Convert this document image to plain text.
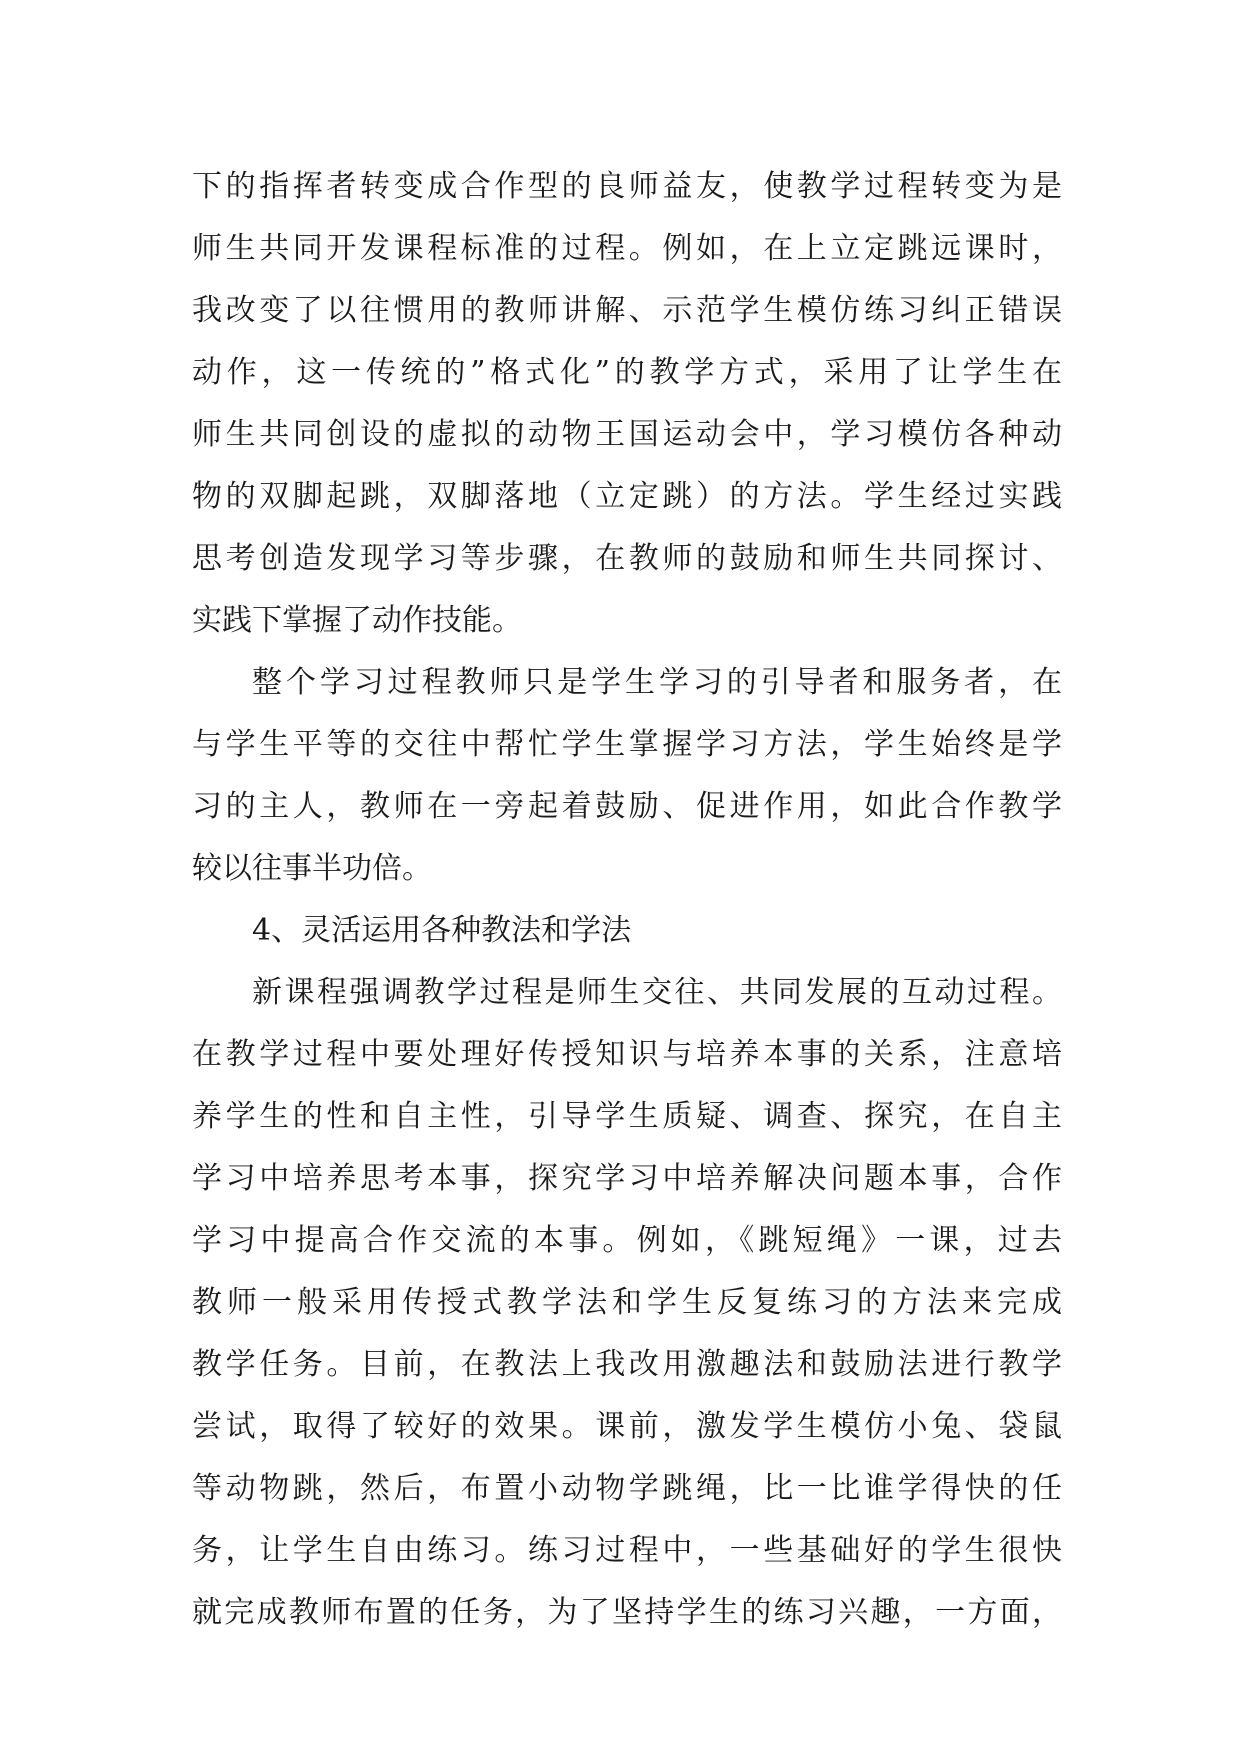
下的指挥者转变成合作型的良师益友，使教学过程转变为是
师生共同开发课程标准的过程。例如，在上立定跳远课时，
我改变了以往惯用的教师讲解、示范学生模仿练习纠正错误
动作，这一传统的”格式化”的教学方式，采用了让学生在
师生共同创设的虚拟的动物王国运动会中，学习模仿各种动
物的双脚起跳，双脚落地（立定跳）的方法。学生经过实践
思考创造发现学习等步骤，在教师的鼓励和师生共同探讨、
实践下掌握了动作技能。
整个学习过程教师只是学生学习的引导者和服务者，在
与学生平等的交往中帮忙学生掌握学习方法，学生始终是学
习的主人，教师在一旁起着鼓励、促进作用，如此合作教学
较以往事半功倍。
4、灵活运用各种教法和学法
新课程强调教学过程是师生交往、共同发展的互动过程。
在教学过程中要处理好传授知识与培养本事的关系，注意培
养学生的性和自主性，引导学生质疑、调查、探究，在自主
学习中培养思考本事，探究学习中培养解决问题本事，合作
学习中提高合作交流的本事。例如，《跳短绳》一课，过去
教师一般采用传授式教学法和学生反复练习的方法来完成
教学任务。目前，在教法上我改用激趣法和鼓励法进行教学
尝试，取得了较好的效果。课前，激发学生模仿小兔、袋鼠
等动物跳，然后，布置小动物学跳绳，比一比谁学得快的任
务，让学生自由练习。练习过程中，一些基础好的学生很快
就完成教师布置的任务，为了坚持学生的练习兴趣，一方面，
